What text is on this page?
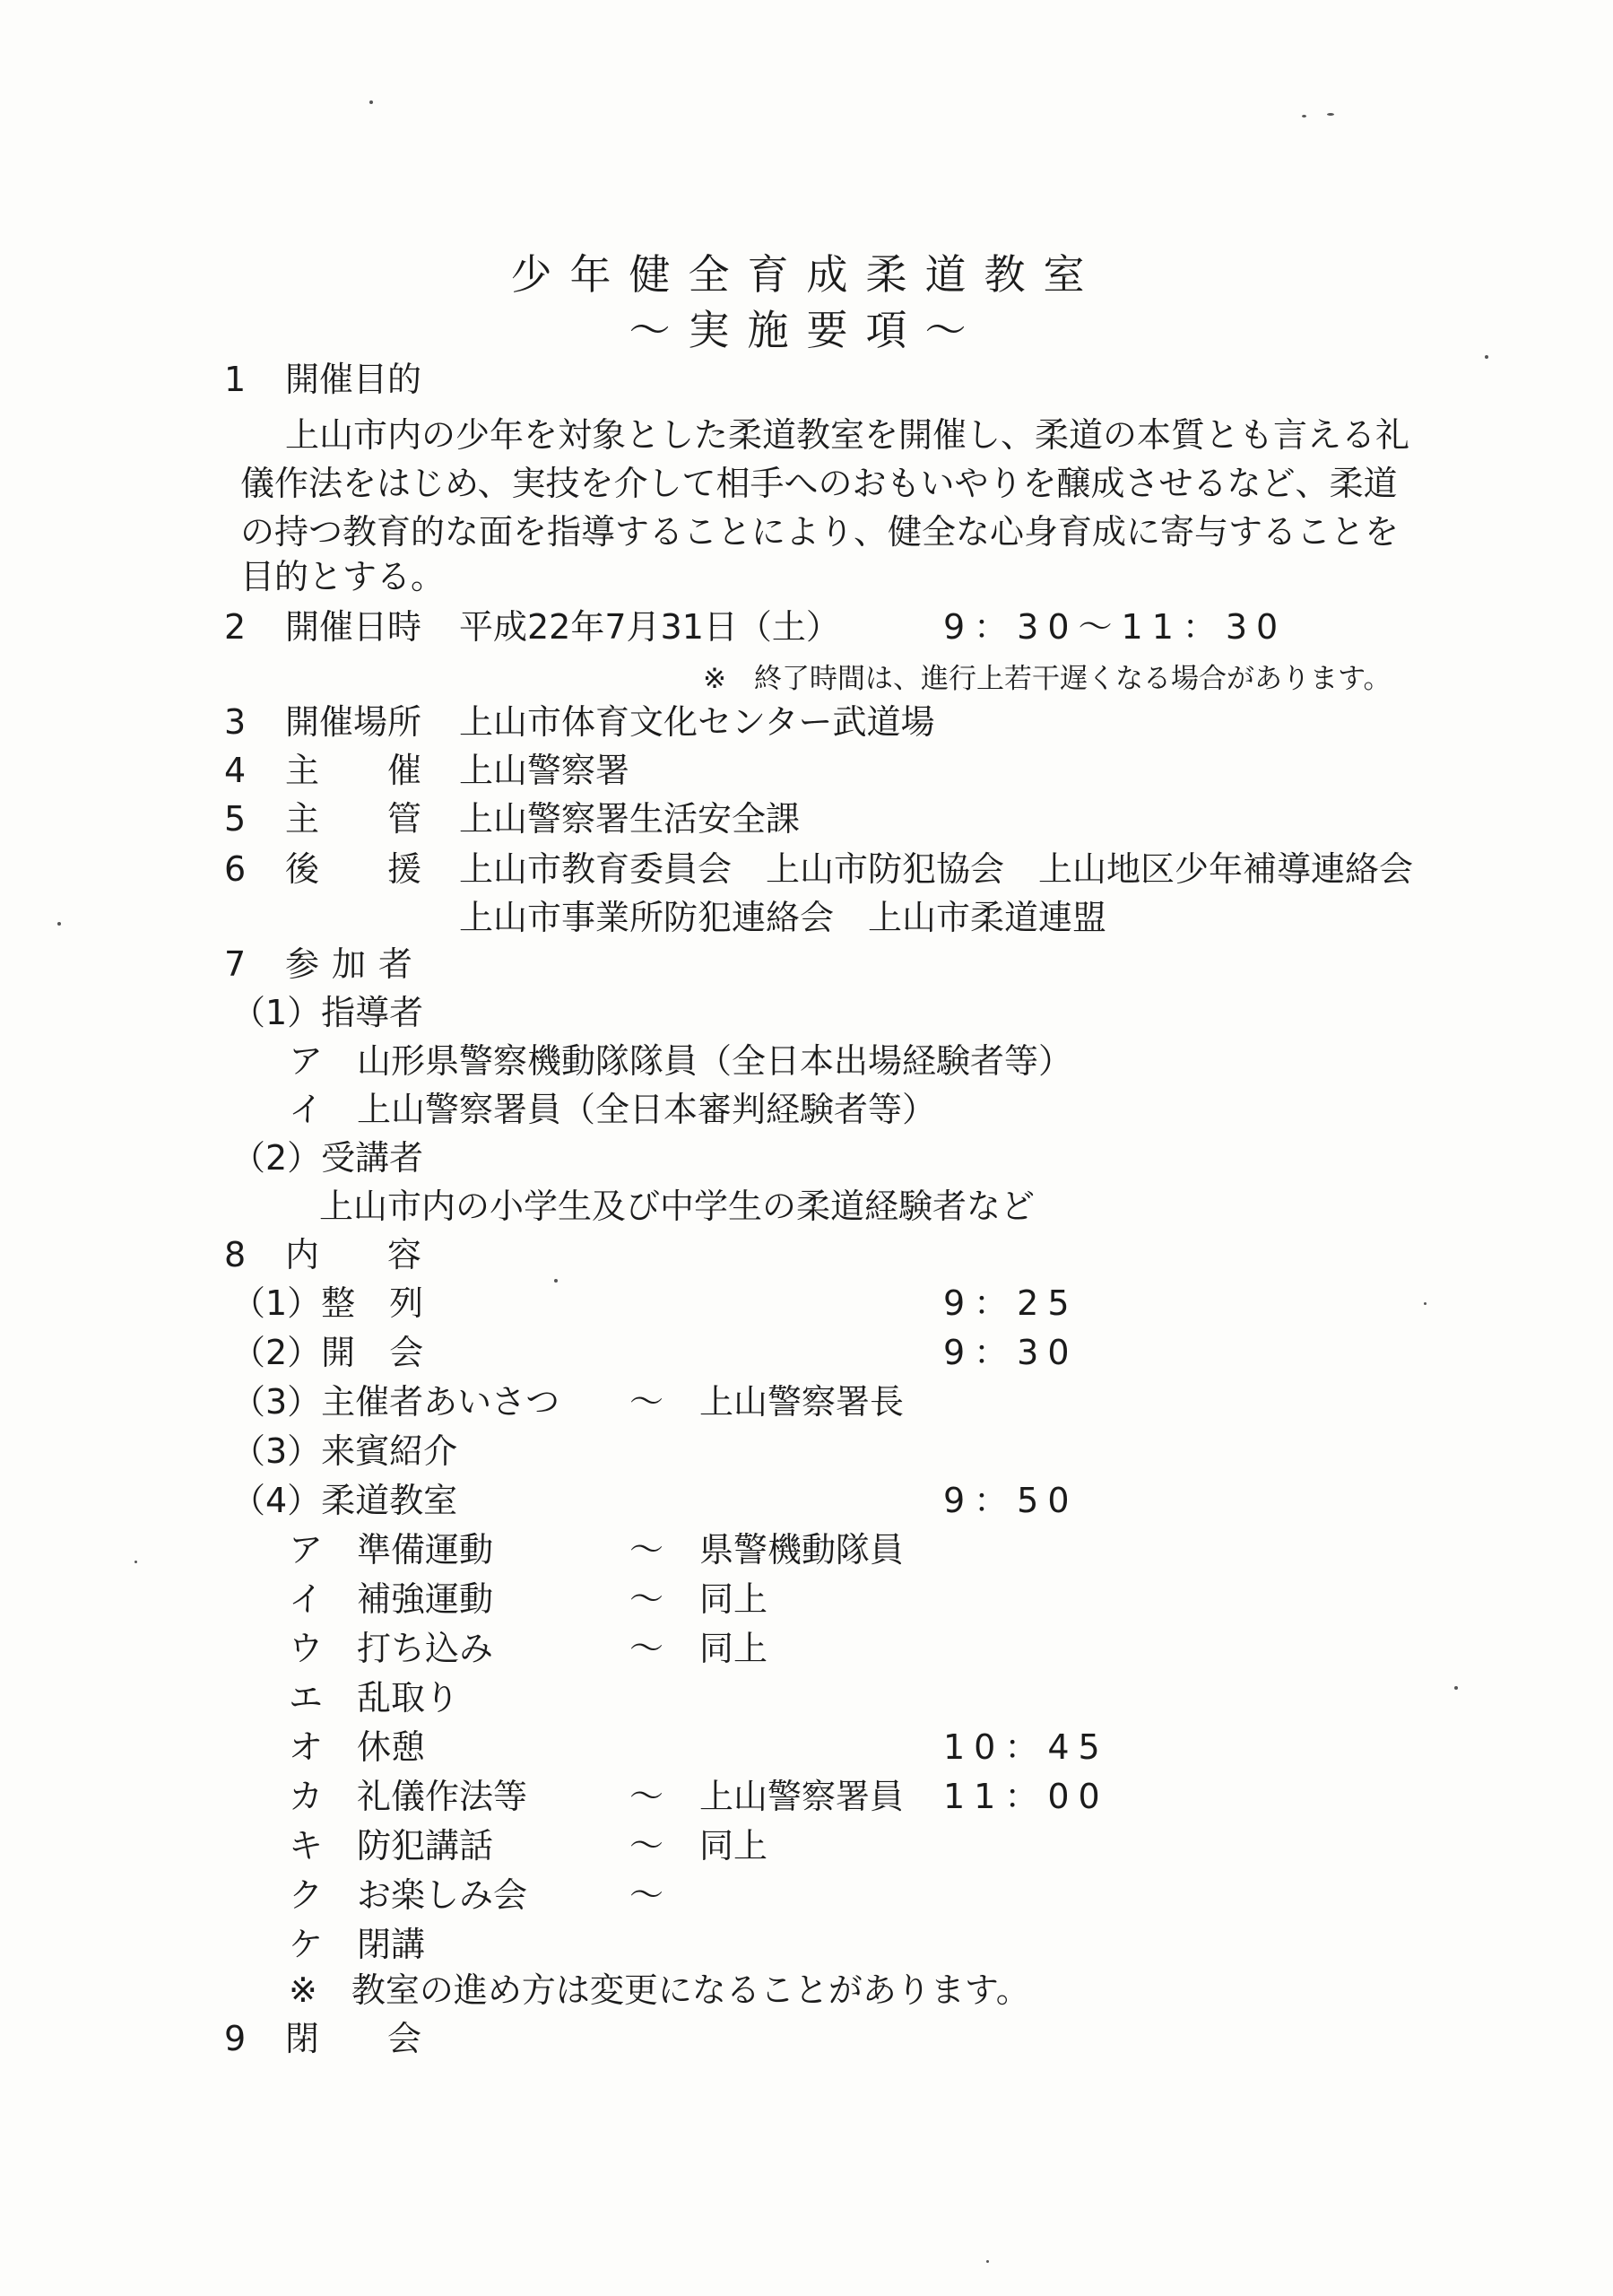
少年健全育成柔道教室
〜実施要項〜
1 開催目的
上山市内の少年を対象とした柔道教室を開催し、柔道の本質とも言える礼
儀作法をはじめ、実技を介して相手へのおもいやりを醸成させるなど、柔道
の持つ教育的な面を指導することにより、健全な心身育成に寄与することを
目的とする。
2 開催日時 平成22年7月31日（土）	9：30〜11：30
※　終了時間は、進行上若干遅くなる場合があります。
3 開催場所 上山市体育文化センター武道場
4 主　　催 上山警察署
5 主　　管 上山警察署生活安全課
6 後　　援 上山市教育委員会　上山市防犯協会　上山地区少年補導連絡会
上山市事業所防犯連絡会　上山市柔道連盟
7 参加者
（1）指導者
ア　山形県警察機動隊隊員（全日本出場経験者等）
イ　上山警察署員（全日本審判経験者等）
（2）受講者
上山市内の小学生及び中学生の柔道経験者など
8 内　　容
（1）整　列	9：25
（2）開　会	9：30
（3）主催者あいさつ 〜 上山警察署長
（3）来賓紹介
（4）柔道教室	9：50
ア　準備運動	〜 県警機動隊員
イ　補強運動	〜 同上
ウ　打ち込み	〜 同上
エ　乱取り
オ　休憩	10：45
カ　礼儀作法等	〜 上山警察署員 11：00
キ　防犯講話	〜 同上
ク　お楽しみ会	〜
ケ　閉講
※　教室の進め方は変更になることがあります。
9 閉　　会
